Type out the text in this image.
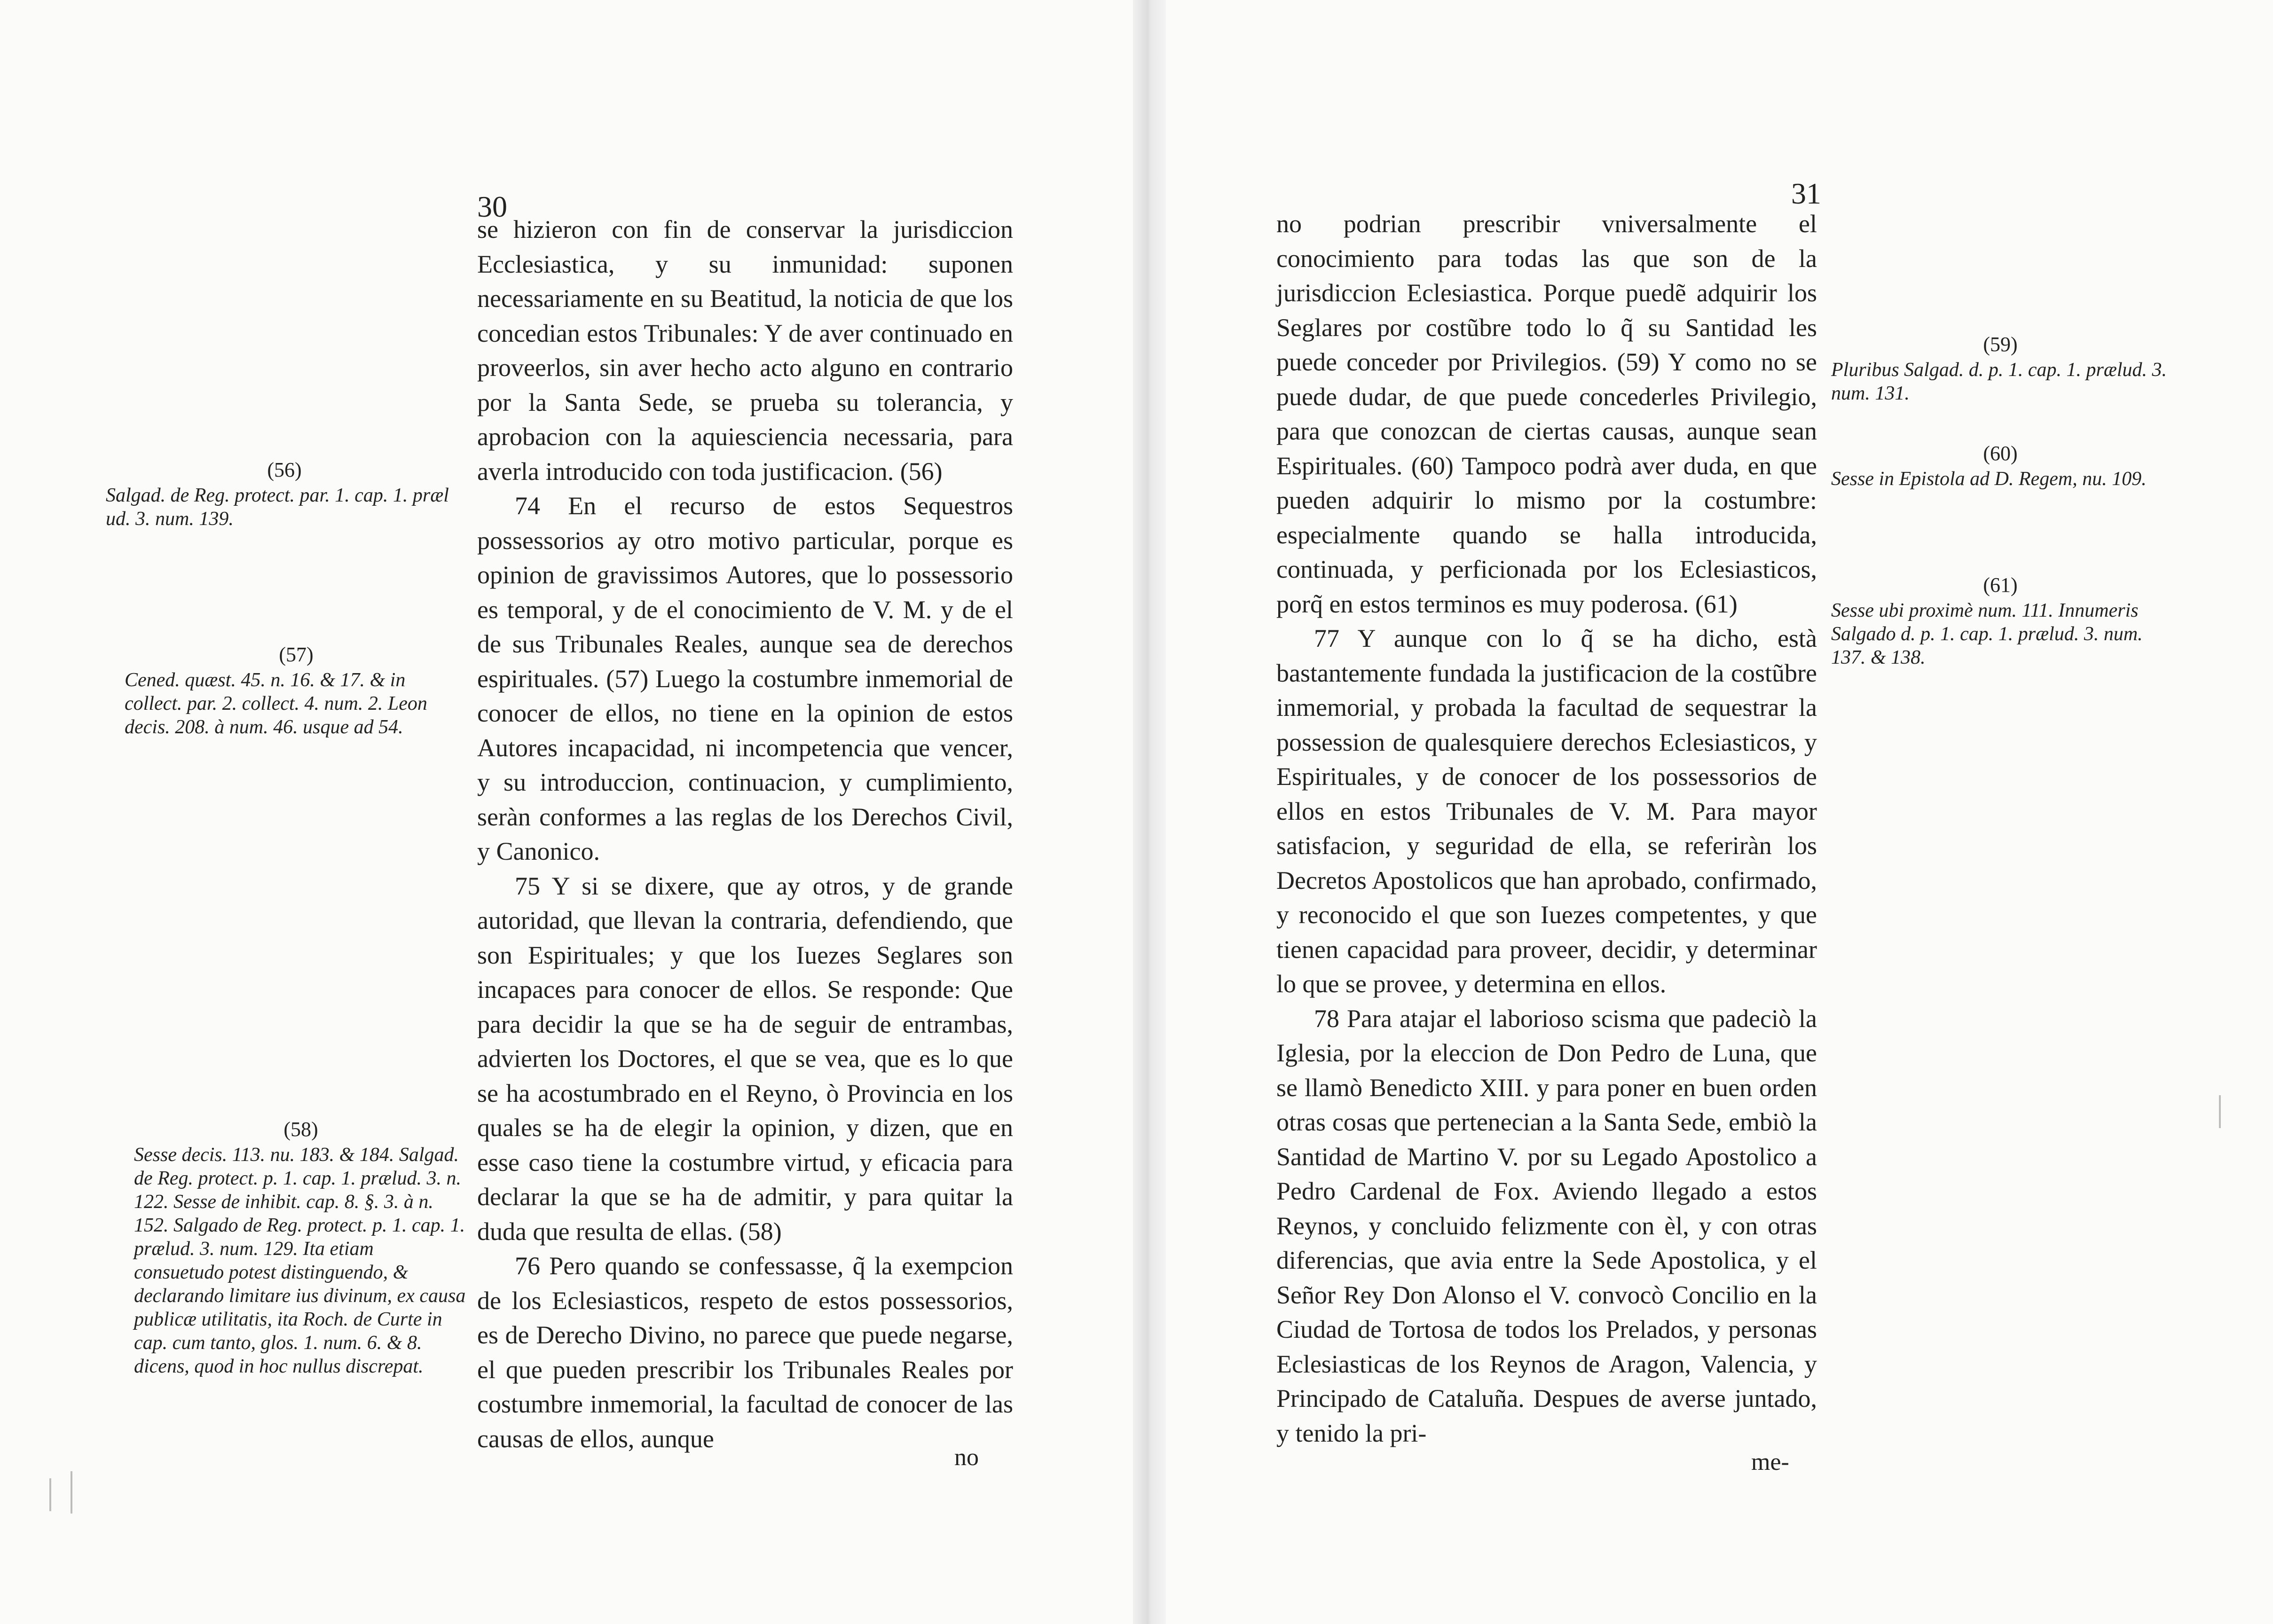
30

se hizieron con fin de conservar la jurisdiccion Ecclesiastica, y su inmunidad: suponen necessariamente en su Beatitud, la noticia de que los concedian estos Tribunales: Y de aver continuado en proveerlos, sin aver hecho acto alguno en contrario por la Santa Sede, se prueba su tolerancia, y aprobacion con la aquiesciencia necessaria, para averla introducido con toda justificacion. (56)

74 En el recurso de estos Sequestros possessorios ay otro motivo particular, porque es opinion de gravissimos Autores, que lo possessorio es temporal, y de el conocimiento de V. M. y de el de sus Tribunales Reales, aunque sea de derechos espirituales. (57) Luego la costumbre inmemorial de conocer de ellos, no tiene en la opinion de estos Autores incapacidad, ni incompetencia que vencer, y su introduccion, continuacion, y cumplimiento, seràn conformes a las reglas de los Derechos Civil, y Canonico.

75 Y si se dixere, que ay otros, y de grande autoridad, que llevan la contraria, defendiendo, que son Espirituales; y que los Iuezes Seglares son incapaces para conocer de ellos. Se responde: Que para decidir la que se ha de seguir de entrambas, advierten los Doctores, el que se vea, que es lo que se ha acostumbrado en el Reyno, ò Provincia en los quales se ha de elegir la opinion, y dizen, que en esse caso tiene la costumbre virtud, y eficacia para declarar la que se ha de admitir, y para quitar la duda que resulta de ellas. (58)

76 Pero quando se confessasse, q̃ la exempcion de los Eclesiasticos, respeto de estos possessorios, es de Derecho Divino, no parece que puede negarse, el que pueden prescribir los Tribunales Reales por costumbre inmemorial, la facultad de conocer de las causas de ellos, aunque

no
(56)
Salgad. de Reg. protect. par. 1. cap. 1. præl ud. 3. num. 139.
(57)
Cened. quæst. 45. n. 16. & 17. & in collect. par. 2. collect. 4. num. 2. Leon decis. 208. à num. 46. usque ad 54.
(58)
Sesse decis. 113. nu. 183. & 184. Salgad. de Reg. protect. p. 1. cap. 1. prælud. 3. n. 122. Sesse de inhibit. cap. 8. §. 3. à n. 152. Salgado de Reg. protect. p. 1. cap. 1. prælud. 3. num. 129. Ita etiam consuetudo potest distinguendo, & declarando limitare ius divinum, ex causa publicæ utilitatis, ita Roch. de Curte in cap. cum tanto, glos. 1. num. 6. & 8. dicens, quod in hoc nullus discrepat.
31

no podrian prescribir vniversalmente el conocimiento para todas las que son de la jurisdiccion Eclesiastica. Porque puedẽ adquirir los Seglares por costũbre todo lo q̃ su Santidad les puede conceder por Privilegios. (59) Y como no se puede dudar, de que puede concederles Privilegio, para que conozcan de ciertas causas, aunque sean Espirituales. (60) Tampoco podrà aver duda, en que pueden adquirir lo mismo por la costumbre: especialmente quando se halla introducida, continuada, y perficionada por los Eclesiasticos, porq̃ en estos terminos es muy poderosa. (61)

77 Y aunque con lo q̃ se ha dicho, està bastantemente fundada la justificacion de la costũbre inmemorial, y probada la facultad de sequestrar la possession de qualesquiere derechos Eclesiasticos, y Espirituales, y de conocer de los possessorios de ellos en estos Tribunales de V. M. Para mayor satisfacion, y seguridad de ella, se referiràn los Decretos Apostolicos que han aprobado, confirmado, y reconocido el que son Iuezes competentes, y que tienen capacidad para proveer, decidir, y determinar lo que se provee, y determina en ellos.

78 Para atajar el laborioso scisma que padeciò la Iglesia, por la eleccion de Don Pedro de Luna, que se llamò Benedicto XIII. y para poner en buen orden otras cosas que pertenecian a la Santa Sede, embiò la Santidad de Martino V. por su Legado Apostolico a Pedro Cardenal de Fox. Aviendo llegado a estos Reynos, y concluido felizmente con èl, y con otras diferencias, que avia entre la Sede Apostolica, y el Señor Rey Don Alonso el V. convocò Concilio en la Ciudad de Tortosa de todos los Prelados, y personas Eclesiasticas de los Reynos de Aragon, Valencia, y Principado de Cataluña. Despues de averse juntado, y tenido la pri-

me-
(59)
Pluribus Salgad. d. p. 1. cap. 1. prælud. 3. num. 131.
(60)
Sesse in Epistola ad D. Regem, nu. 109.
(61)
Sesse ubi proximè num. 111. Innumeris Salgado d. p. 1. cap. 1. prælud. 3. num. 137. & 138.
